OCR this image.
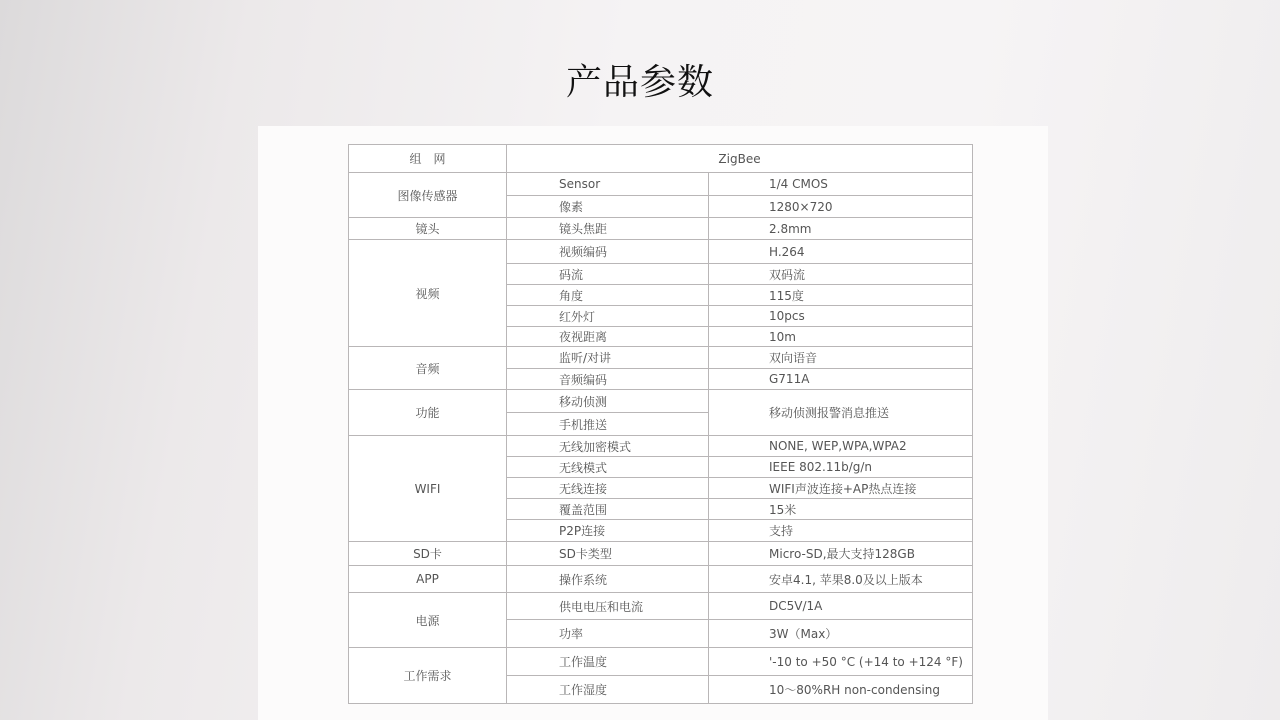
产品参数
组　网	ZigBee	
图像传感器	Sensor	1/4 CMOS
	像素	1280×720
镜头	镜头焦距	2.8mm
视频	视频编码	H.264
	码流	双码流
	角度	115度
	红外灯	10pcs
	夜视距离	10m
音频	监听/对讲	双向语音
	音频编码	G711A
功能	移动侦测	移动侦测报警消息推送
	手机推送	
WIFI	无线加密模式	NONE, WEP,WPA,WPA2
	无线模式	IEEE 802.11b/g/n
	无线连接	WIFI声波连接+AP热点连接
	覆盖范围	15米
	P2P连接	支持
SD卡	SD卡类型	Micro-SD,最大支持128GB
APP	操作系统	安卓4.1, 苹果8.0及以上版本
电源	供电电压和电流	DC5V/1A
	功率	3W（Max）
工作需求	工作温度	'-10 to +50 °C (+14 to +124 °F)
	工作湿度	10～80%RH non-condensing
